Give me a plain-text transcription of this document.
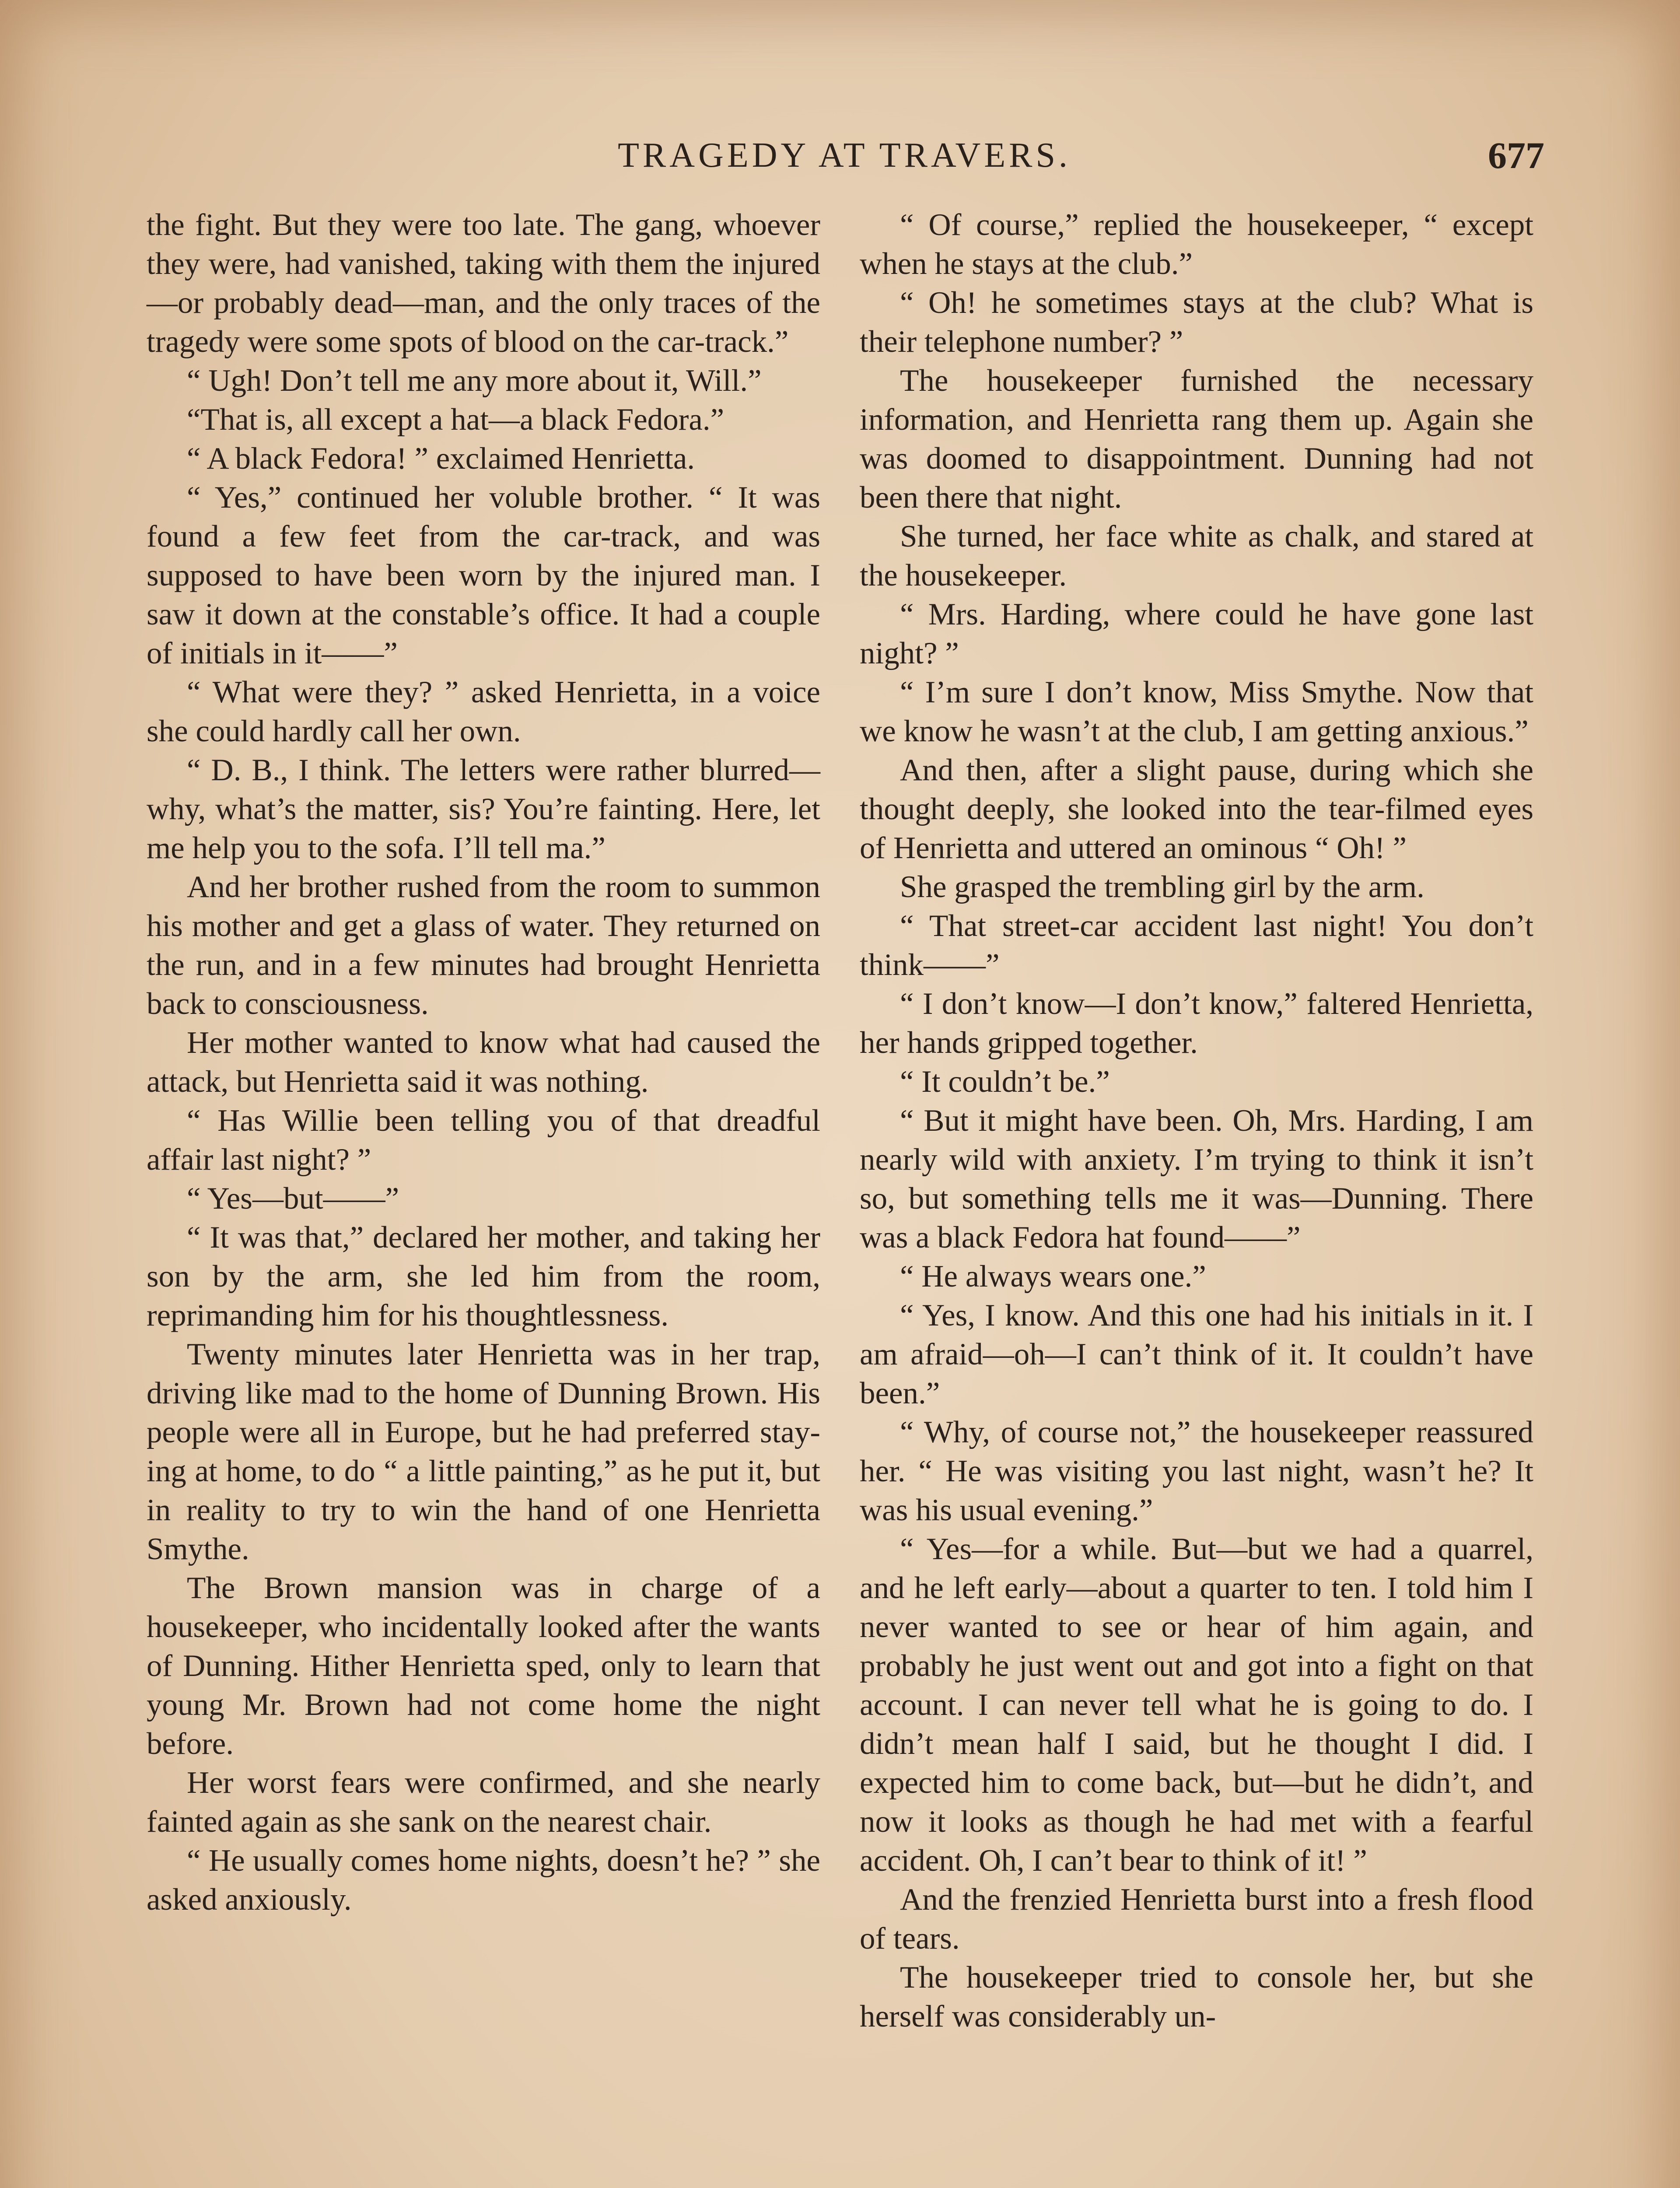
TRAGEDY AT TRAVERS.	677

the fight. But they were too late. The gang, whoever they were, had vanished, taking with them the injured—or probably dead—man, and the only traces of the tragedy were some spots of blood on the car-track.”

“ Ugh! Don’t tell me any more about it, Will.”

“That is, all except a hat—a black Fedora.”

“ A black Fedora! ” exclaimed Henrietta.

“ Yes,” continued her voluble brother. “ It was found a few feet from the car-track, and was supposed to have been worn by the injured man. I saw it down at the constable’s office. It had a couple of initials in it——”

“ What were they? ” asked Henrietta, in a voice she could hardly call her own.

“ D. B., I think. The letters were rather blurred—why, what’s the matter, sis? You’re fainting. Here, let me help you to the sofa. I’ll tell ma.”

And her brother rushed from the room to summon his mother and get a glass of water. They returned on the run, and in a few minutes had brought Henrietta back to consciousness.

Her mother wanted to know what had caused the attack, but Henrietta said it was nothing.

“ Has Willie been telling you of that dreadful affair last night? ”

“ Yes—but——”

“ It was that,” declared her mother, and taking her son by the arm, she led him from the room, reprimanding him for his thoughtlessness.

Twenty minutes later Henrietta was in her trap, driving like mad to the home of Dunning Brown. His people were all in Europe, but he had preferred staying at home, to do “ a little painting,” as he put it, but in reality to try to win the hand of one Henrietta Smythe.

The Brown mansion was in charge of a housekeeper, who incidentally looked after the wants of Dunning. Hither Henrietta sped, only to learn that young Mr. Brown had not come home the night before.

Her worst fears were confirmed, and she nearly fainted again as she sank on the nearest chair.

“ He usually comes home nights, doesn’t he? ” she asked anxiously.

“ Of course,” replied the housekeeper, “ except when he stays at the club.”

“ Oh! he sometimes stays at the club? What is their telephone number? ”

The housekeeper furnished the necessary information, and Henrietta rang them up. Again she was doomed to disappointment. Dunning had not been there that night.

She turned, her face white as chalk, and stared at the housekeeper.

“ Mrs. Harding, where could he have gone last night? ”

“ I’m sure I don’t know, Miss Smythe. Now that we know he wasn’t at the club, I am getting anxious.”

And then, after a slight pause, during which she thought deeply, she looked into the tear-filmed eyes of Henrietta and uttered an ominous “ Oh! ”

She grasped the trembling girl by the arm.

“ That street-car accident last night! You don’t think——”

“ I don’t know—I don’t know,” faltered Henrietta, her hands gripped together.

“ It couldn’t be.”

“ But it might have been. Oh, Mrs. Harding, I am nearly wild with anxiety. I’m trying to think it isn’t so, but something tells me it was—Dunning. There was a black Fedora hat found——”

“ He always wears one.”

“ Yes, I know. And this one had his initials in it. I am afraid—oh—I can’t think of it. It couldn’t have been.”

“ Why, of course not,” the housekeeper reassured her. “ He was visiting you last night, wasn’t he? It was his usual evening.”

“ Yes—for a while. But—but we had a quarrel, and he left early—about a quarter to ten. I told him I never wanted to see or hear of him again, and probably he just went out and got into a fight on that account. I can never tell what he is going to do. I didn’t mean half I said, but he thought I did. I expected him to come back, but—but he didn’t, and now it looks as though he had met with a fearful accident. Oh, I can’t bear to think of it! ”

And the frenzied Henrietta burst into a fresh flood of tears.

The housekeeper tried to console her, but she herself was considerably un-
